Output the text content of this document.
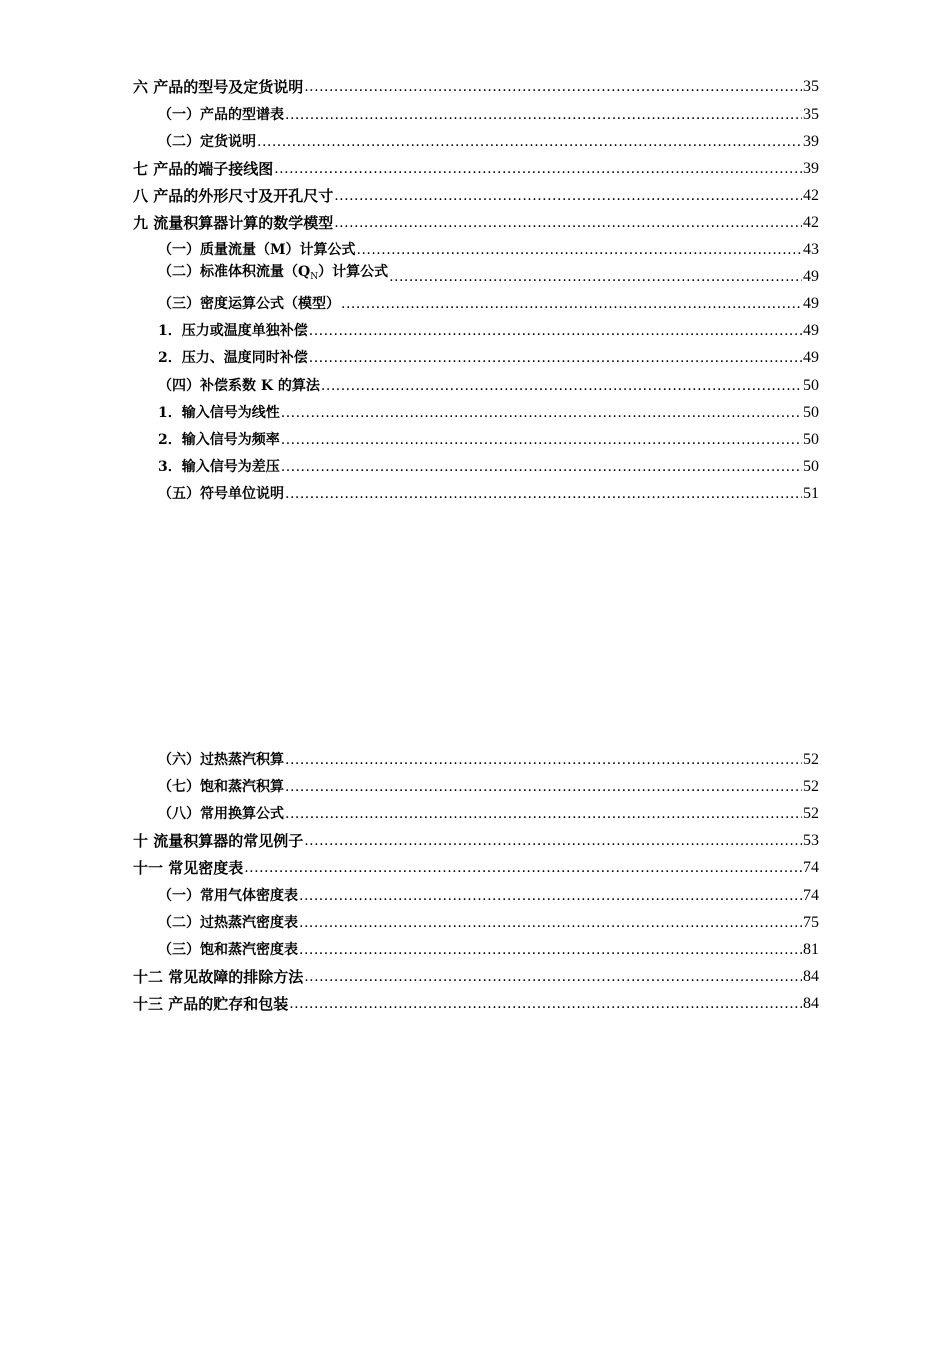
六 产品的型号及定货说明 .....	35
（一）产品的型谱表 .....	35
（二）定货说明 .....	39
七 产品的端子接线图 .....	39
八 产品的外形尺寸及开孔尺寸 .....	42
九 流量积算器计算的数学模型 .....	42
（一）质量流量（M）计算公式 .....	43
（二）标准体积流量$(Q_N)$计算公式 .....	49
（三）密度运算公式（模型） .....	49
1．压力或温度单独补偿 .....	49
2．压力、温度同时补偿 .....	49
（四）补偿系数 K 的算法 .....	50
1．输入信号为线性 .....	50
2．输入信号为频率 .....	50
3．输入信号为差压 .....	50
（五）符号单位说明 .....	51
（六）过热蒸汽积算 .....	52
（七）饱和蒸汽积算 .....	52
（八）常用换算公式 .....	52
十 流量积算器的常见例子 .....	53
十一 常见密度表 .....	74
（一）常用气体密度表 .....	74
（二）过热蒸汽密度表 .....	75
（三）饱和蒸汽密度表 .....	81
十二 常见故障的排除方法 .....	84
十三 产品的贮存和包装 .....	84
